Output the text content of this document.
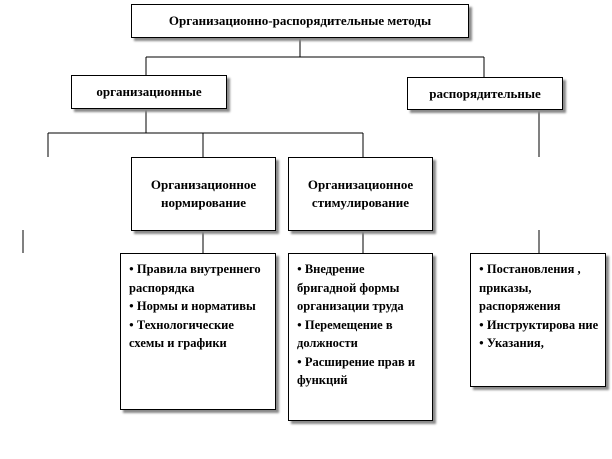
Организационно-распорядительные методы
организационные	распорядительные
Организационное
нормирование
Организационное
стимулирование
● Правила внутреннего распорядка
● Нормы и нормативы
● Технологические схемы и графики
● Внедрение бригадной формы организации труда
● Перемещение в должности
● Расширение прав и функций
● Постановления , приказы, распоряжения
● Инструктирова ние
● Указания,
